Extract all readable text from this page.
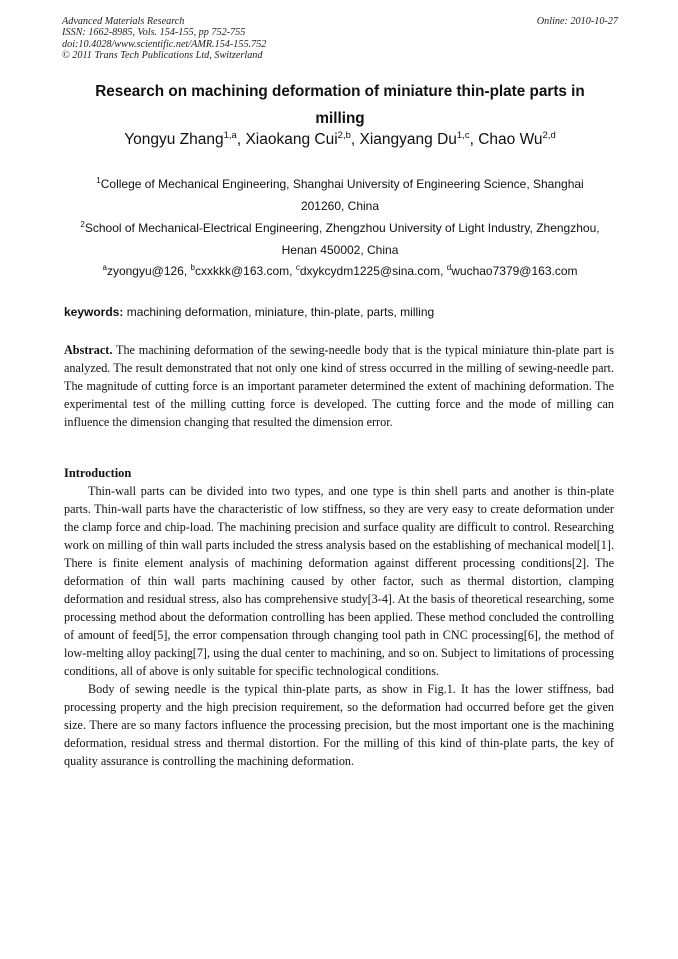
Advanced Materials Research
ISSN: 1662-8985, Vols. 154-155, pp 752-755
doi:10.4028/www.scientific.net/AMR.154-155.752
© 2011 Trans Tech Publications Ltd, Switzerland
Online: 2010-10-27
Research on machining deformation of miniature thin-plate parts in milling
Yongyu Zhang$^{1,a}$, Xiaokang Cui$^{2,b}$, Xiangyang Du$^{1,c}$, Chao Wu$^{2,d}$
$^1$College of Mechanical Engineering, Shanghai University of Engineering Science, Shanghai
201260, China
$^2$School of Mechanical-Electrical Engineering, Zhengzhou University of Light Industry, Zhengzhou,
Henan 450002, China
$^a$zyongyu@126, $^b$cxxkkk@163.com, $^c$dxykcydm1225@sina.com, $^d$wuchao7379@163.com
keywords: machining deformation, miniature, thin-plate, parts, milling
Abstract. The machining deformation of the sewing-needle body that is the typical miniature thin-plate part is analyzed. The result demonstrated that not only one kind of stress occurred in the milling of sewing-needle part. The magnitude of cutting force is an important parameter determined the extent of machining deformation. The experimental test of the milling cutting force is developed. The cutting force and the mode of milling can influence the dimension changing that resulted the dimension error.
Introduction

Thin-wall parts can be divided into two types, and one type is thin shell parts and another is thin-plate parts. Thin-wall parts have the characteristic of low stiffness, so they are very easy to create deformation under the clamp force and chip-load. The machining precision and surface quality are difficult to control. Researching work on milling of thin wall parts included the stress analysis based on the establishing of mechanical model[1]. There is finite element analysis of machining deformation against different processing conditions[2]. The deformation of thin wall parts machining caused by other factor, such as thermal distortion, clamping deformation and residual stress, also has comprehensive study[3-4]. At the basis of theoretical researching, some processing method about the deformation controlling has been applied. These method concluded the controlling of amount of feed[5], the error compensation through changing tool path in CNC processing[6], the method of low-melting alloy packing[7], using the dual center to machining, and so on. Subject to limitations of processing conditions, all of above is only suitable for specific technological conditions.

Body of sewing needle is the typical thin-plate parts, as show in Fig.1. It has the lower stiffness, bad processing property and the high precision requirement, so the deformation had occurred before get the given size. There are so many factors influence the processing precision, but the most important one is the machining deformation, residual stress and thermal distortion. For the milling of this kind of thin-plate parts, the key of quality assurance is controlling the machining deformation.
